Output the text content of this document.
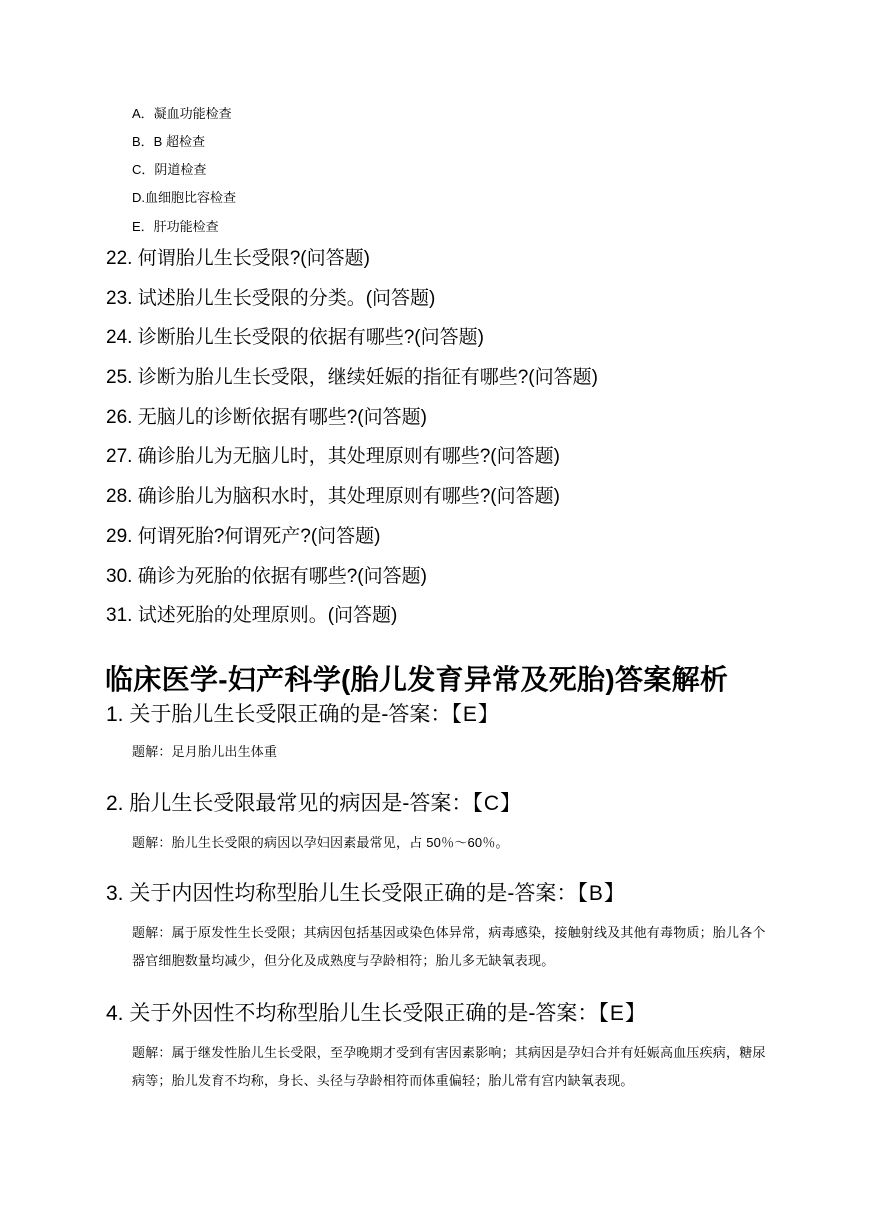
A．凝血功能检查
B．B 超检查
C．阴道检查
D.血细胞比容检查
E．肝功能检查
22. 何谓胎儿生长受限?(问答题)
23. 试述胎儿生长受限的分类。(问答题)
24. 诊断胎儿生长受限的依据有哪些?(问答题)
25. 诊断为胎儿生长受限，继续妊娠的指征有哪些?(问答题)
26. 无脑儿的诊断依据有哪些?(问答题)
27. 确诊胎儿为无脑儿时，其处理原则有哪些?(问答题)
28. 确诊胎儿为脑积水时，其处理原则有哪些?(问答题)
29. 何谓死胎?何谓死产?(问答题)
30. 确诊为死胎的依据有哪些?(问答题)
31. 试述死胎的处理原则。(问答题)
临床医学-妇产科学(胎儿发育异常及死胎)答案解析
1. 关于胎儿生长受限正确的是-答案：【E】
题解：足月胎儿出生体重
2. 胎儿生长受限最常见的病因是-答案：【C】
题解：胎儿生长受限的病因以孕妇因素最常见，占 50％～60％。
3. 关于内因性均称型胎儿生长受限正确的是-答案：【B】
题解：属于原发性生长受限；其病因包括基因或染色体异常，病毒感染，接触射线及其他有毒物质；胎儿各个器官细胞数量均减少，但分化及成熟度与孕龄相符；胎儿多无缺氧表现。
4. 关于外因性不均称型胎儿生长受限正确的是-答案：【E】
题解：属于继发性胎儿生长受限，至孕晚期才受到有害因素影响；其病因是孕妇合并有妊娠高血压疾病，糖尿病等；胎儿发育不均称，身长、头径与孕龄相符而体重偏轻；胎儿常有宫内缺氧表现。
